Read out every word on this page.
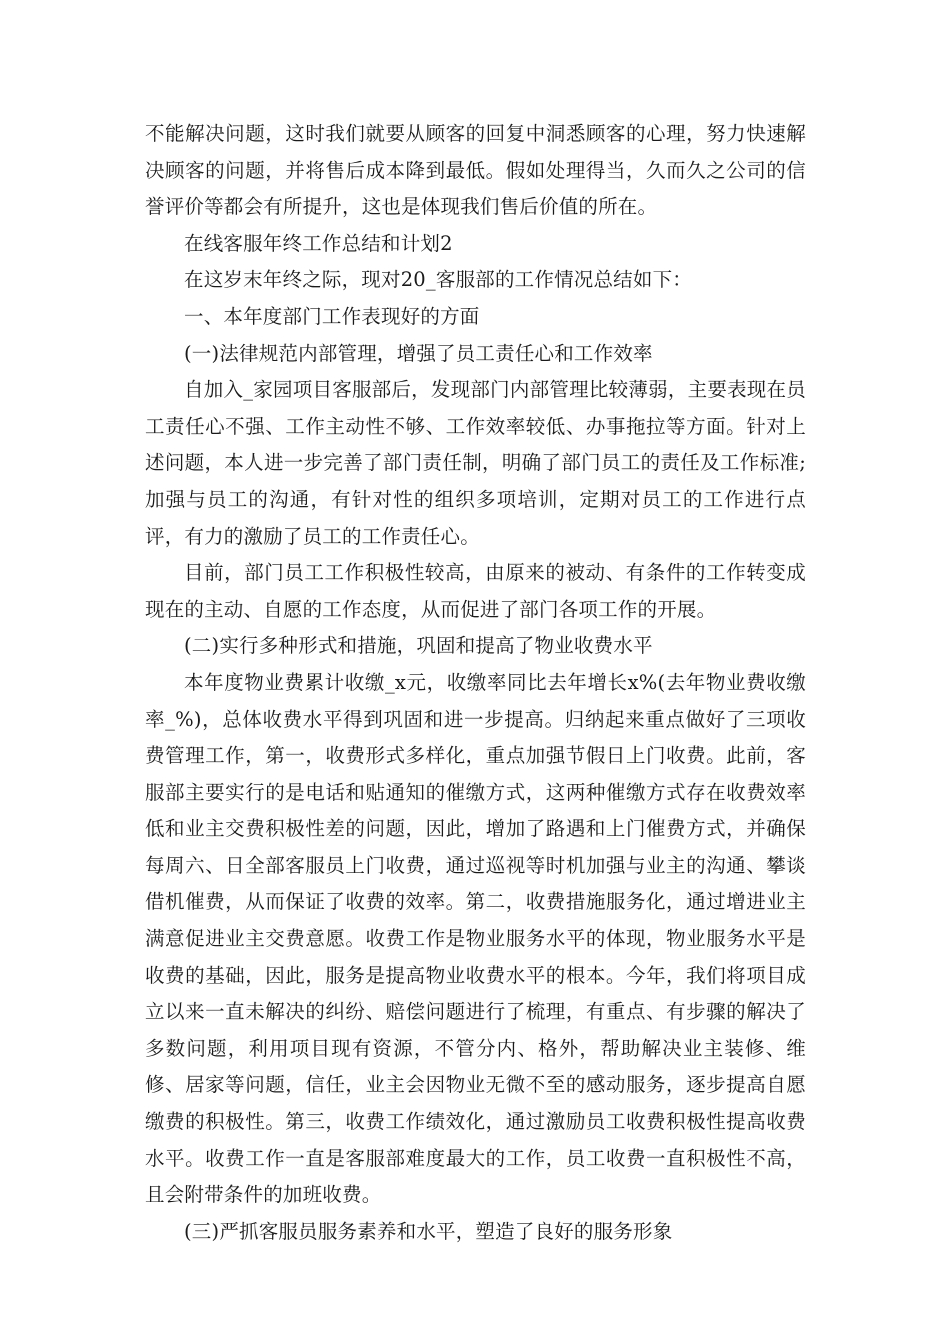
不能解决问题，这时我们就要从顾客的回复中洞悉顾客的心理，努力快速解决顾客的问题，并将售后成本降到最低。假如处理得当，久而久之公司的信誉评价等都会有所提升，这也是体现我们售后价值的所在。

在线客服年终工作总结和计划2

在这岁末年终之际，现对20_客服部的工作情况总结如下：

一、本年度部门工作表现好的方面

(一)法律规范内部管理，增强了员工责任心和工作效率

自加入_家园项目客服部后，发现部门内部管理比较薄弱，主要表现在员工责任心不强、工作主动性不够、工作效率较低、办事拖拉等方面。针对上述问题，本人进一步完善了部门责任制，明确了部门员工的责任及工作标准;加强与员工的沟通，有针对性的组织多项培训，定期对员工的工作进行点评，有力的激励了员工的工作责任心。

目前，部门员工工作积极性较高，由原来的被动、有条件的工作转变成现在的主动、自愿的工作态度，从而促进了部门各项工作的开展。

(二)实行多种形式和措施，巩固和提高了物业收费水平

本年度物业费累计收缴_x元，收缴率同比去年增长x%(去年物业费收缴率_%)，总体收费水平得到巩固和进一步提高。归纳起来重点做好了三项收费管理工作，第一，收费形式多样化，重点加强节假日上门收费。此前，客服部主要实行的是电话和贴通知的催缴方式，这两种催缴方式存在收费效率低和业主交费积极性差的问题，因此，增加了路遇和上门催费方式，并确保每周六、日全部客服员上门收费，通过巡视等时机加强与业主的沟通、攀谈借机催费，从而保证了收费的效率。第二，收费措施服务化，通过增进业主满意促进业主交费意愿。收费工作是物业服务水平的体现，物业服务水平是收费的基础，因此，服务是提高物业收费水平的根本。今年，我们将项目成立以来一直未解决的纠纷、赔偿问题进行了梳理，有重点、有步骤的解决了多数问题，利用项目现有资源，不管分内、格外，帮助解决业主装修、维修、居家等问题，信任，业主会因物业无微不至的感动服务，逐步提高自愿缴费的积极性。第三，收费工作绩效化，通过激励员工收费积极性提高收费水平。收费工作一直是客服部难度最大的工作，员工收费一直积极性不高，且会附带条件的加班收费。

(三)严抓客服员服务素养和水平，塑造了良好的服务形象
